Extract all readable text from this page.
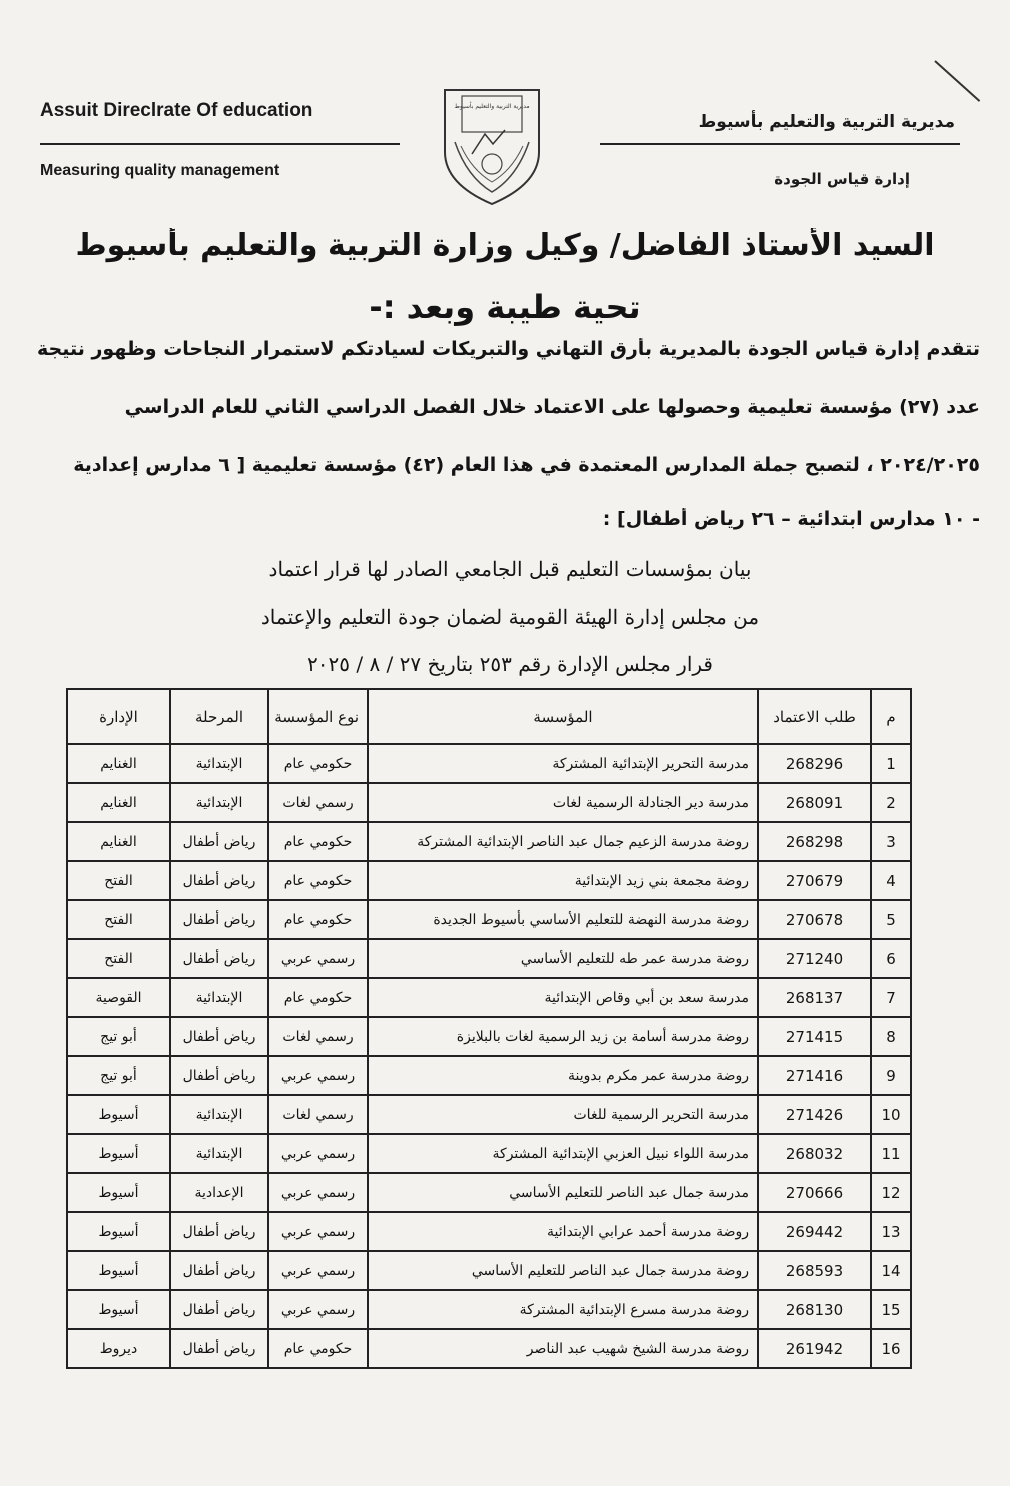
Assuit Direclrate Of education
Measuring quality management
مديرية التربية والتعليم بأسيوط
إدارة قياس الجودة
مديرية التربية والتعليم بأسيوط
السيد الأستاذ الفاضل/ وكيل وزارة التربية والتعليم بأسيوط
تحية طيبة وبعد :-
تتقدم إدارة قياس الجودة بالمديرية بأرق التهاني والتبريكات لسيادتكم لاستمرار النجاحات وظهور نتيجة
عدد (٢٧) مؤسسة تعليمية وحصولها على الاعتماد خلال الفصل الدراسي الثاني للعام الدراسي
٢٠٢٤/٢٠٢٥ ، لتصبح جملة المدارس المعتمدة في هذا العام (٤٢) مؤسسة تعليمية [ ٦ مدارس إعدادية
- ١٠ مدارس ابتدائية – ٢٦ رياض أطفال] :
بيان بمؤسسات التعليم قبل الجامعي الصادر لها قرار اعتماد
من مجلس إدارة الهيئة القومية لضمان جودة التعليم والإعتماد
قرار مجلس الإدارة رقم ٢٥٣ بتاريخ ٢٧ / ٨ / ٢٠٢٥
م	طلب الاعتماد	المؤسسة	نوع المؤسسة	المرحلة	الإدارة
1	268296	مدرسة التحرير الإبتدائية المشتركة	حكومي عام	الإبتدائية	الغنايم
2	268091	مدرسة دير الجنادلة الرسمية لغات	رسمي لغات	الإبتدائية	الغنايم
3	268298	روضة مدرسة الزعيم جمال عبد الناصر الإبتدائية المشتركة	حكومي عام	رياض أطفال	الغنايم
4	270679	روضة مجمعة بني زيد الإبتدائية	حكومي عام	رياض أطفال	الفتح
5	270678	روضة مدرسة النهضة للتعليم الأساسي بأسيوط الجديدة	حكومي عام	رياض أطفال	الفتح
6	271240	روضة مدرسة عمر طه للتعليم الأساسي	رسمي عربي	رياض أطفال	الفتح
7	268137	مدرسة سعد بن أبي وقاص الإبتدائية	حكومي عام	الإبتدائية	القوصية
8	271415	روضة مدرسة أسامة بن زيد الرسمية لغات بالبلايزة	رسمي لغات	رياض أطفال	أبو تيج
9	271416	روضة مدرسة عمر مكرم بدوينة	رسمي عربي	رياض أطفال	أبو تيج
10	271426	مدرسة التحرير الرسمية للغات	رسمي لغات	الإبتدائية	أسيوط
11	268032	مدرسة اللواء نبيل العزبي الإبتدائية المشتركة	رسمي عربي	الإبتدائية	أسيوط
12	270666	مدرسة جمال عبد الناصر للتعليم الأساسي	رسمي عربي	الإعدادية	أسيوط
13	269442	روضة مدرسة أحمد عرابي الإبتدائية	رسمي عربي	رياض أطفال	أسيوط
14	268593	روضة مدرسة جمال عبد الناصر للتعليم الأساسي	رسمي عربي	رياض أطفال	أسيوط
15	268130	روضة مدرسة مسرع الإبتدائية المشتركة	رسمي عربي	رياض أطفال	أسيوط
16	261942	روضة مدرسة الشيخ شهيب عبد الناصر	حكومي عام	رياض أطفال	ديروط
